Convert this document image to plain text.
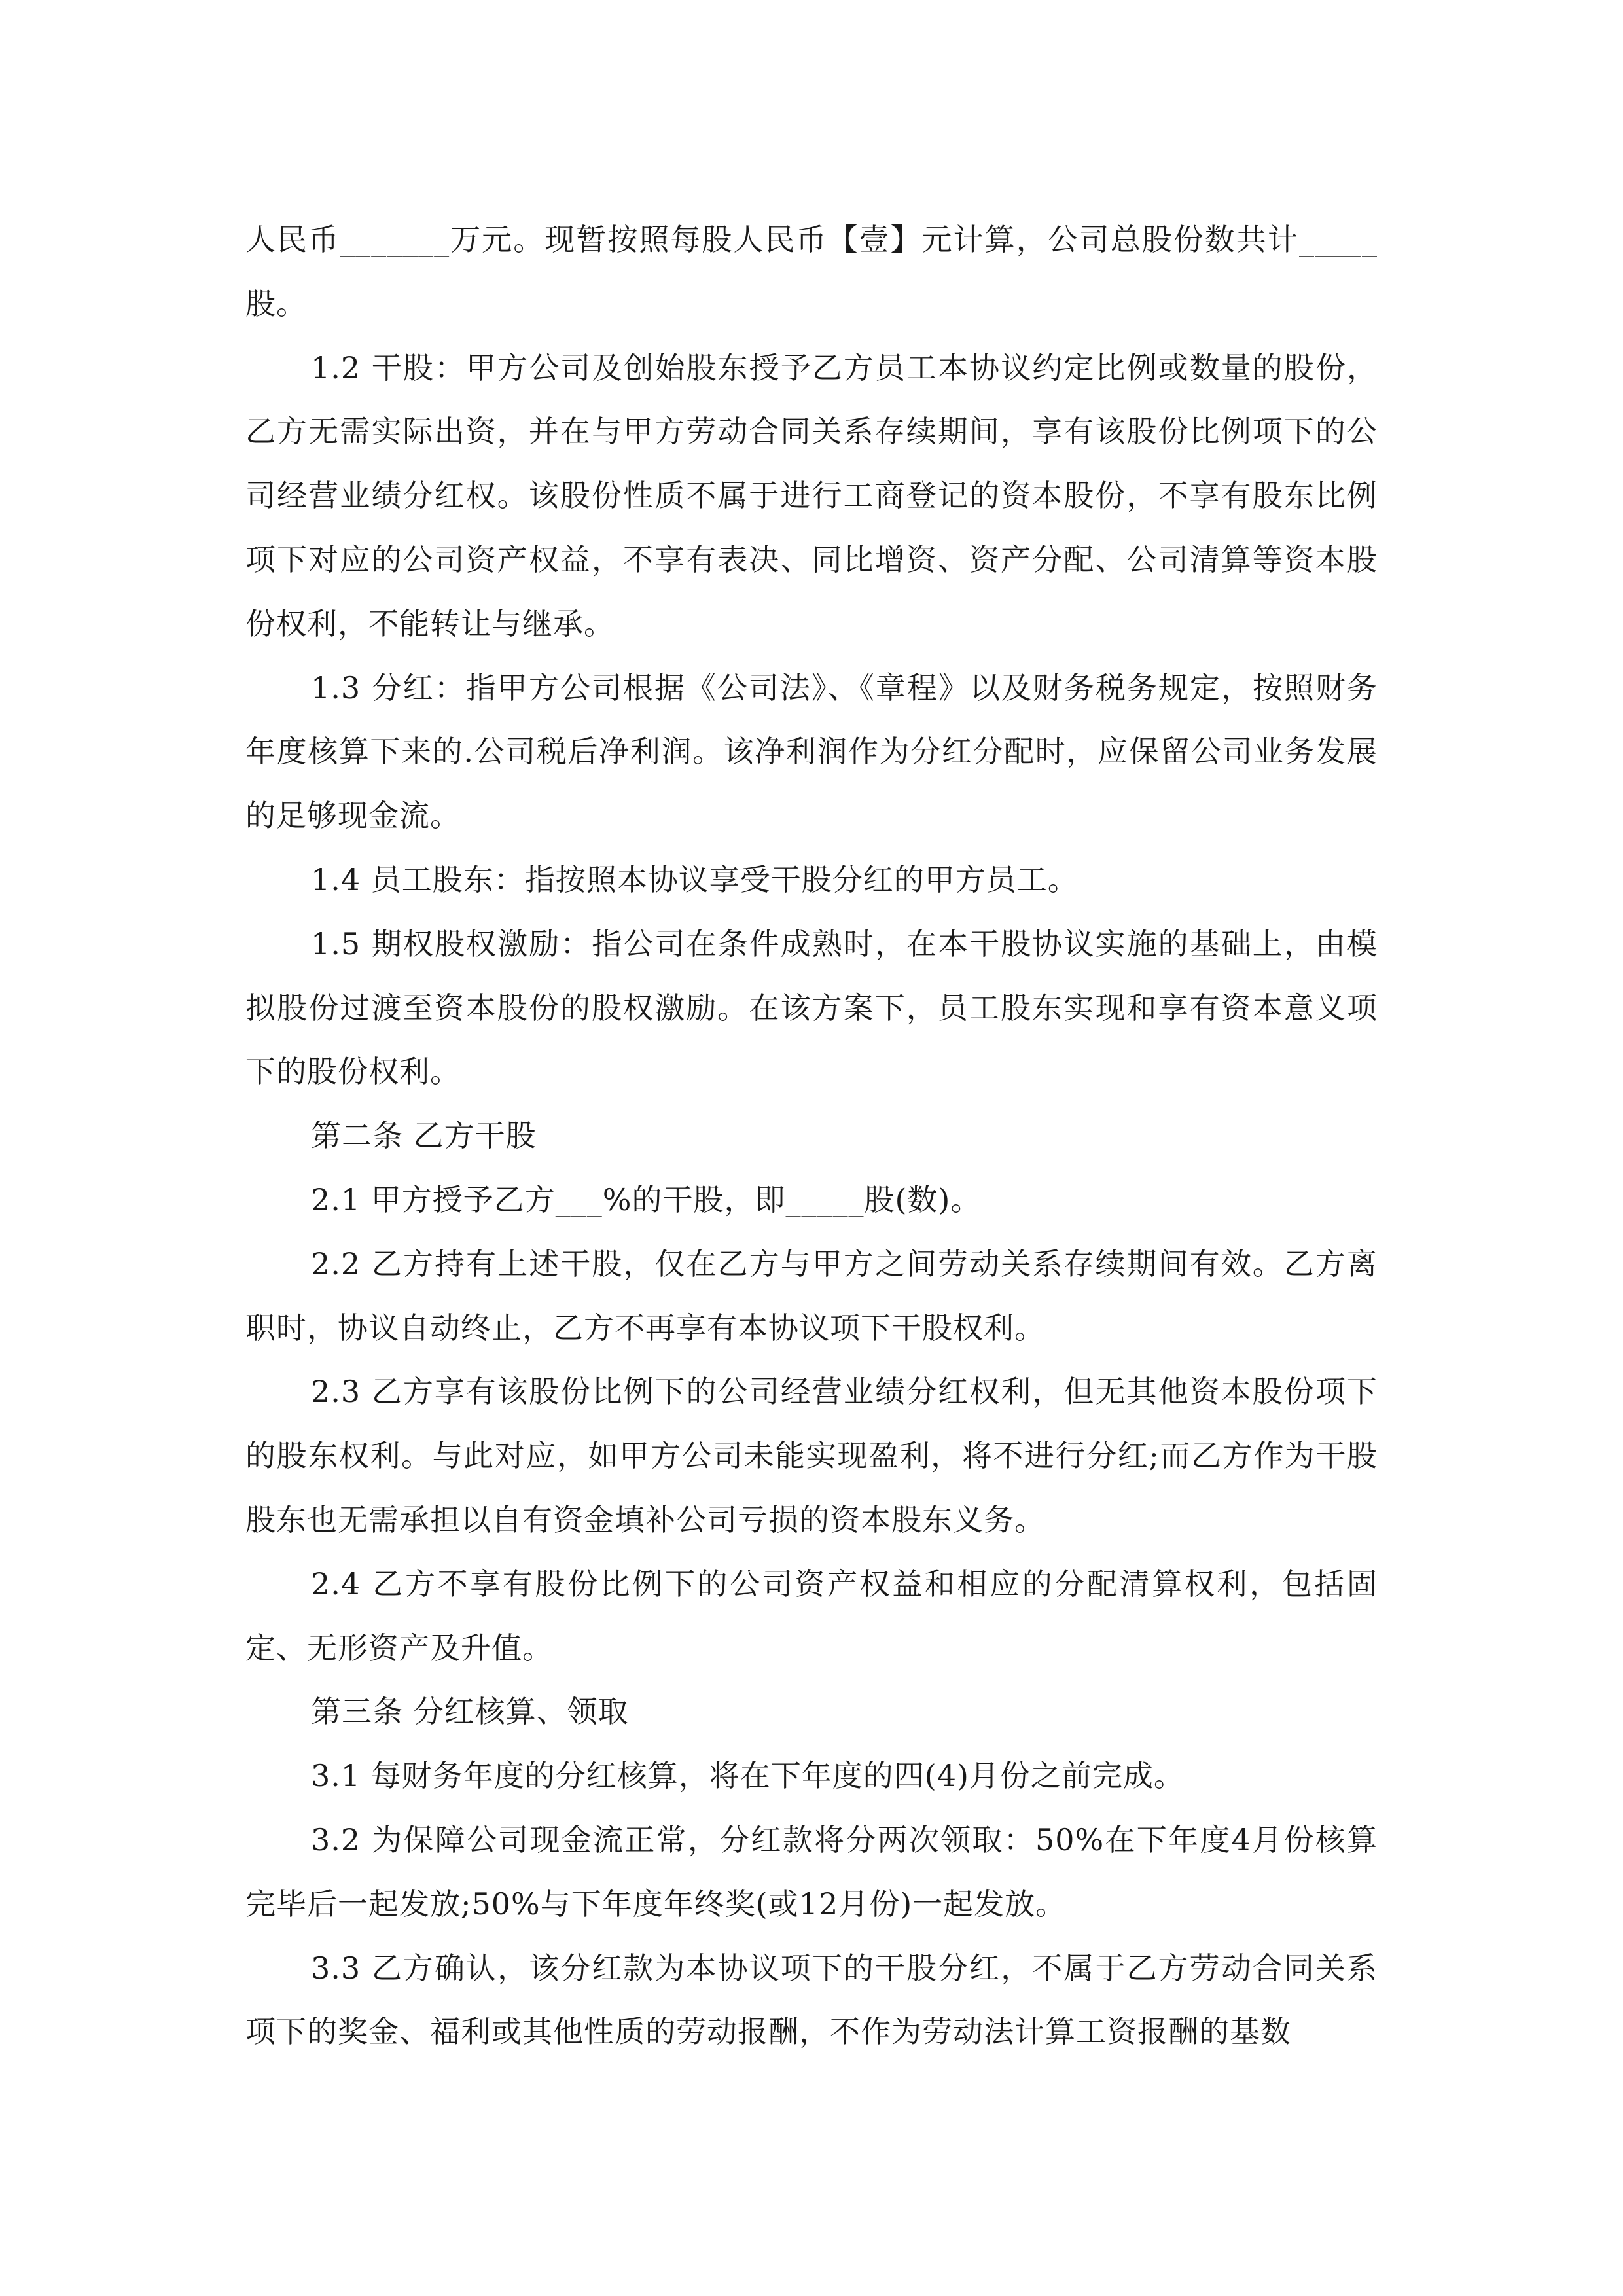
人民币_______万元。现暂按照每股人民币【壹】元计算，公司总股份数共计_____股。

1.2 干股：甲方公司及创始股东授予乙方员工本协议约定比例或数量的股份，乙方无需实际出资，并在与甲方劳动合同关系存续期间，享有该股份比例项下的公司经营业绩分红权。该股份性质不属于进行工商登记的资本股份，不享有股东比例项下对应的公司资产权益，不享有表决、同比增资、资产分配、公司清算等资本股份权利，不能转让与继承。

1.3 分红：指甲方公司根据《公司法》、《章程》以及财务税务规定，按照财务年度核算下来的.公司税后净利润。该净利润作为分红分配时，应保留公司业务发展的足够现金流。

1.4 员工股东：指按照本协议享受干股分红的甲方员工。

1.5 期权股权激励：指公司在条件成熟时，在本干股协议实施的基础上，由模拟股份过渡至资本股份的股权激励。在该方案下，员工股东实现和享有资本意义项下的股份权利。

第二条 乙方干股

2.1 甲方授予乙方___%的干股，即_____股(数)。

2.2 乙方持有上述干股，仅在乙方与甲方之间劳动关系存续期间有效。乙方离职时，协议自动终止，乙方不再享有本协议项下干股权利。

2.3 乙方享有该股份比例下的公司经营业绩分红权利，但无其他资本股份项下的股东权利。与此对应，如甲方公司未能实现盈利，将不进行分红;而乙方作为干股股东也无需承担以自有资金填补公司亏损的资本股东义务。

2.4 乙方不享有股份比例下的公司资产权益和相应的分配清算权利，包括固定、无形资产及升值。

第三条 分红核算、领取

3.1 每财务年度的分红核算，将在下年度的四(4)月份之前完成。

3.2 为保障公司现金流正常，分红款将分两次领取：50%在下年度4月份核算完毕后一起发放;50%与下年度年终奖(或12月份)一起发放。

3.3 乙方确认，该分红款为本协议项下的干股分红，不属于乙方劳动合同关系项下的奖金、福利或其他性质的劳动报酬，不作为劳动法计算工资报酬的基数
